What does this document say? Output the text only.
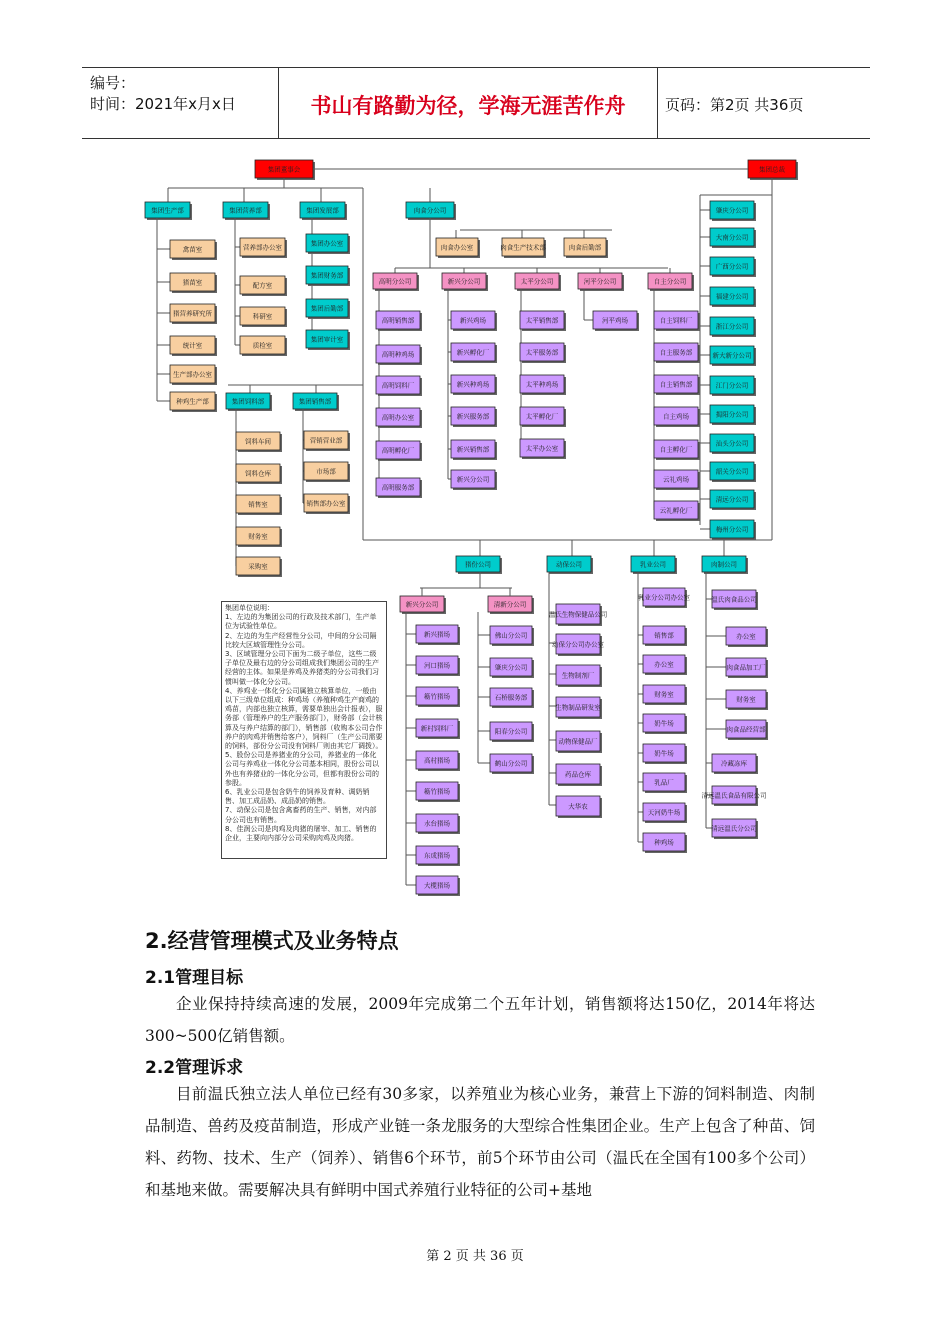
编号：
时间：2021年x月x日	书山有路勤为径，学海无涯苦作舟	页码：第2页 共36页
集团董事会	集团总裁
集团生产部	集团营养部	集团发展部
禽苗室
猪苗室
猪营养研究所
统计室
生产部办公室
种鸡生产部
营养部办公室
配方室
科研室
质检室
集团办公室
集团财务部
集团后勤部
集团审计室
集团饲料部	集团销售部
饲料车间
饲料仓库
销售室
财务室
采购室
营销营业部
市场部
销售部办公室
肉食分公司
肉食办公室	肉食生产技术部	肉食后勤部
高明分公司	新兴分公司	太平分公司	河平分公司	自主分公司
高明销售部
高明种鸡场
高明饲料厂
高明办公室
高明孵化厂
高明服务部
新兴鸡场
新兴孵化厂
新兴种鸡场
新兴服务部
新兴销售部
新兴分公司
太平销售部
太平服务部
太平种鸡场
太平孵化厂
太平办公室
河平鸡场	自主饲料厂
自主服务部
自主销售部
自主鸡场
自主孵化厂
云礼鸡场
云礼孵化厂
肇庆分公司
大南分公司
广西分公司
福建分公司
浙江分公司
新大新分公司
江门分公司
揭阳分公司
汕头分公司
韶关分公司
清远分公司
梅州分公司
猪份公司	动保公司	乳业公司	肉制公司
新兴分公司	清新分公司
新兴猪场
河口猪场
簕竹猪场
新村饲料厂
高村猪场
簕竹猪场
水台猪场
东成猪场
大榄猪场
佛山分公司
肇庆分公司
石桥服务部
阳春分公司
鹤山分公司
温氏生物保健品公司
动保分公司办公室
生物制剂厂
生物制品研发室
动物保健品厂
药品仓库
大华农
乳业分公司办公室
销售部
办公室
财务室
奶牛场
奶牛场
乳品厂
天河奶牛场
种鸡场
温氏肉食品公司
办公室
肉食品加工厂
财务室
肉食品经营部
冷藏冻库
清远温氏食品有限公司
清远温氏分公司
集团单位说明：
1、左边的为集团公司的行政及技术部门，生产单位为试验性单位。
2、左边的为生产经营性分公司，中间的分公司隔比较大区域管理性分公司。
3、区域管理分公司下面为二级子单位，这些二级子单位及最右边的分公司组成我们集团公司的生产经营的主体。如果是养鸡及养猪类的分公司我们习惯叫做一体化分公司。
4、养鸡业一体化分公司属独立核算单位，一般由以下三级单位组成：种鸡场（养殖种鸡生产商鸡的鸡苗，内部也独立核算，需要单独出会计报表），服务部（管理养户的生产服务部门），财务部（会计核算及与养户结算的部门），销售部（收购本公司合作养户的肉鸡并销售给客户），饲料厂（生产公司需要的饲料，部份分公司没有饲料厂则由其它厂调拨）。
5、股份公司是养猪业的分公司，养猪业的一体化公司与养鸡业一体化分公司基本相同，股份公司以外也有养猪业的一体化分公司，但都有股份公司的参股。
6、乳业公司是包含奶牛的饲养及育种、调奶销售、加工成品奶、成品奶的销售。
7、动保公司是包含禽畜药的生产、销售，对内部分公司也有销售。
8、佳润公司是肉鸡及肉猪的屠宰、加工、销售的企业，主要向内部分公司采购肉鸡及肉猪。
2.经营管理模式及业务特点
2.1管理目标
企业保持持续高速的发展，2009年完成第二个五年计划，销售额将达150亿，2014年将达300~500亿销售额。
2.2管理诉求
目前温氏独立法人单位已经有30多家，以养殖业为核心业务，兼营上下游的饲料制造、肉制品制造、兽药及疫苗制造，形成产业链一条龙服务的大型综合性集团企业。生产上包含了种苗、饲料、药物、技术、生产（饲养）、销售6个环节，前5个环节由公司（温氏在全国有100多个公司）和基地来做。需要解决具有鲜明中国式养殖行业特征的公司+基地
第 2 页 共 36 页
